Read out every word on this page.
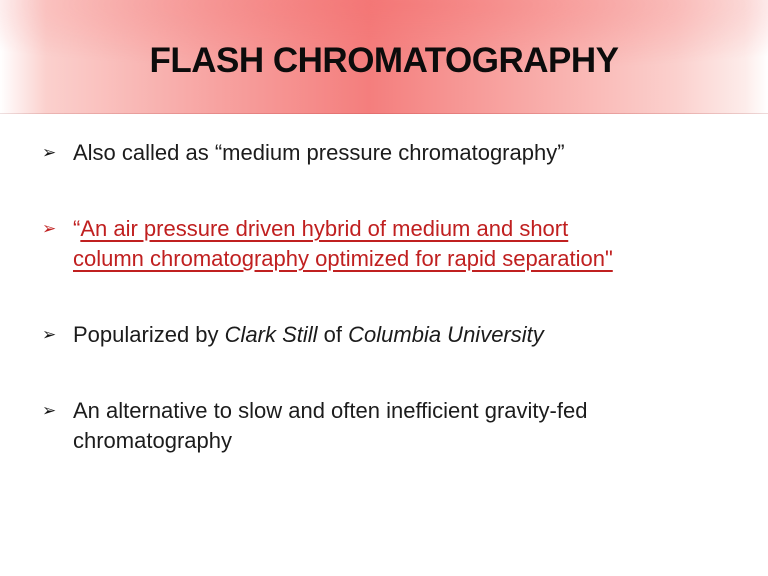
FLASH CHROMATOGRAPHY
➢ Also called as “medium pressure chromatography”
➢ “An air pressure driven hybrid of medium and short
column chromatography optimized for rapid separation"
➢ Popularized by Clark Still of Columbia University
➢ An alternative to slow and often inefficient gravity-fed
chromatography
